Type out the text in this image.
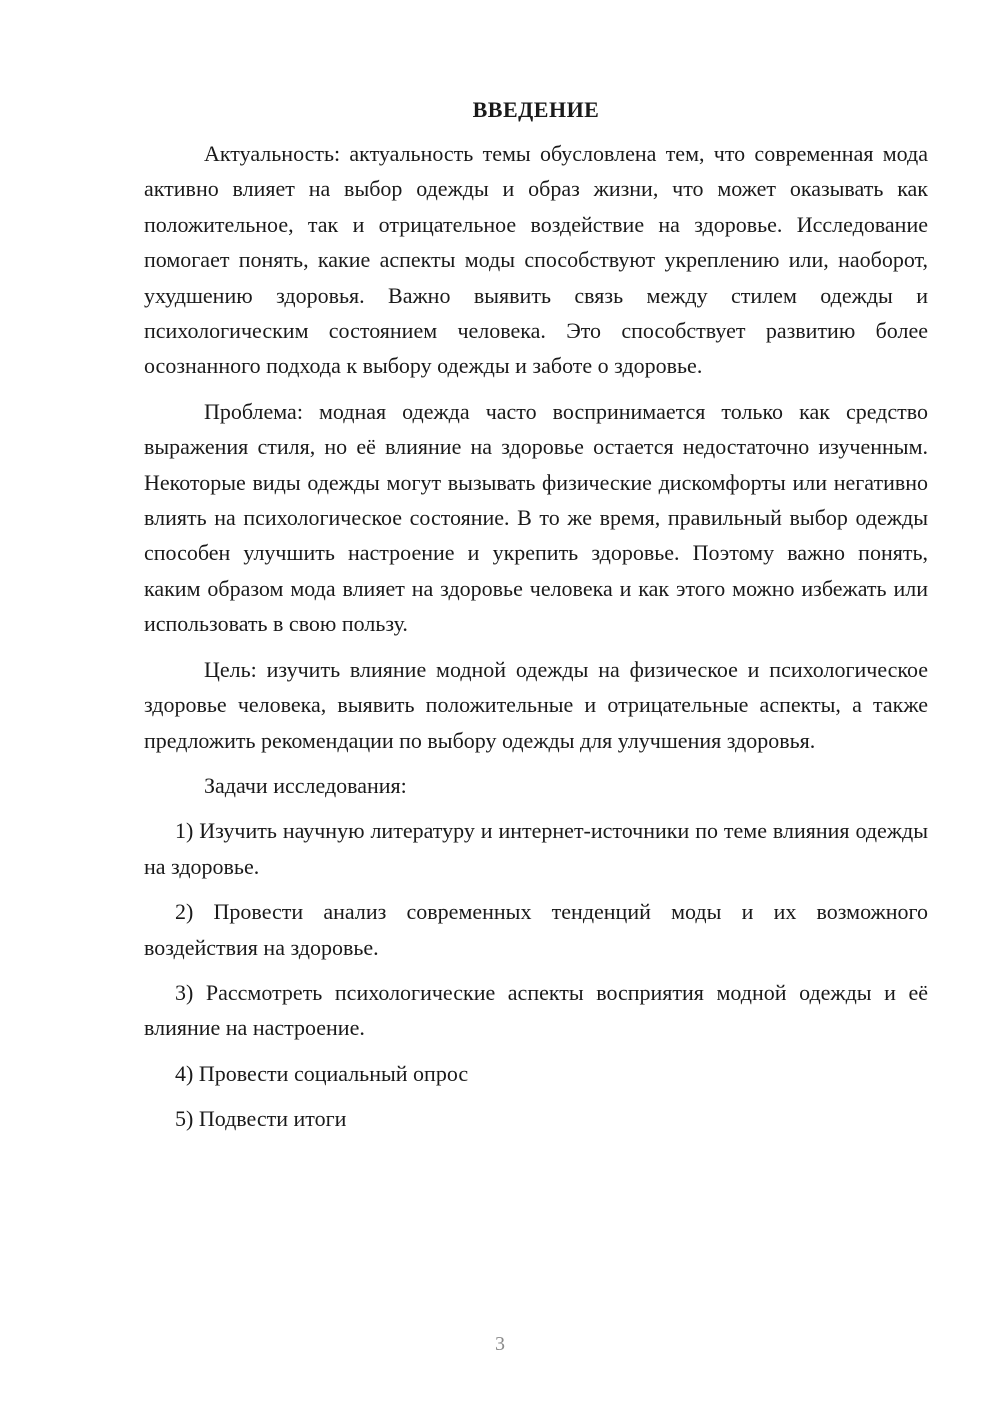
ВВЕДЕНИЕ

Актуальность: актуальность темы обусловлена тем, что современная мода активно влияет на выбор одежды и образ жизни, что может оказывать как положительное, так и отрицательное воздействие на здоровье. Исследование помогает понять, какие аспекты моды способствуют укреплению или, наоборот, ухудшению здоровья. Важно выявить связь между стилем одежды и психологическим состоянием человека. Это способствует развитию более осознанного подхода к выбору одежды и заботе о здоровье.

Проблема: модная одежда часто воспринимается только как средство выражения стиля, но её влияние на здоровье остается недостаточно изученным. Некоторые виды одежды могут вызывать физические дискомфорты или негативно влиять на психологическое состояние. В то же время, правильный выбор одежды способен улучшить настроение и укрепить здоровье. Поэтому важно понять, каким образом мода влияет на здоровье человека и как этого можно избежать или использовать в свою пользу.

Цель: изучить влияние модной одежды на физическое и психологическое здоровье человека, выявить положительные и отрицательные аспекты, а также предложить рекомендации по выбору одежды для улучшения здоровья.

Задачи исследования:

1) Изучить научную литературу и интернет-источники по теме влияния одежды на здоровье.

2) Провести анализ современных тенденций моды и их возможного воздействия на здоровье.

3) Рассмотреть психологические аспекты восприятия модной одежды и её влияние на настроение.

4) Провести социальный опрос

5) Подвести итоги

3
